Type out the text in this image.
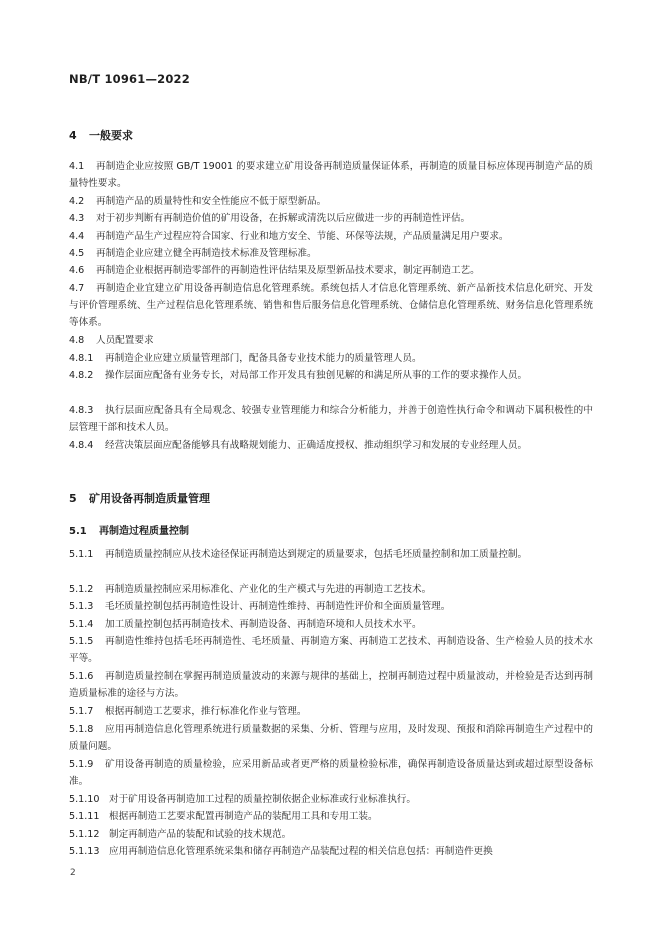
NB/T 10961—2022
4 一般要求
4.1 再制造企业应按照 GB/T 19001 的要求建立矿用设备再制造质量保证体系，再制造的质量目标应体现再制造产品的质量特性要求。
4.2 再制造产品的质量特性和安全性能应不低于原型新品。
4.3 对于初步判断有再制造价值的矿用设备，在拆解或清洗以后应做进一步的再制造性评估。
4.4 再制造产品生产过程应符合国家、行业和地方安全、节能、环保等法规，产品质量满足用户要求。
4.5 再制造企业应建立健全再制造技术标准及管理标准。
4.6 再制造企业根据再制造零部件的再制造性评估结果及原型新品技术要求，制定再制造工艺。
4.7 再制造企业宜建立矿用设备再制造信息化管理系统。系统包括人才信息化管理系统、新产品新技术信息化研究、开发与评价管理系统、生产过程信息化管理系统、销售和售后服务信息化管理系统、仓储信息化管理系统、财务信息化管理系统等体系。
4.8 人员配置要求
4.8.1 再制造企业应建立质量管理部门，配备具备专业技术能力的质量管理人员。
4.8.2 操作层面应配备有业务专长，对局部工作开发具有独创见解的和满足所从事的工作的要求操作人员。
4.8.3 执行层面应配备具有全局观念、较强专业管理能力和综合分析能力，并善于创造性执行命令和调动下属积极性的中层管理干部和技术人员。
4.8.4 经营决策层面应配备能够具有战略规划能力、正确适度授权、推动组织学习和发展的专业经理人员。
5 矿用设备再制造质量管理
5.1 再制造过程质量控制
5.1.1 再制造质量控制应从技术途径保证再制造达到规定的质量要求，包括毛坯质量控制和加工质量控制。
5.1.2 再制造质量控制应采用标准化、产业化的生产模式与先进的再制造工艺技术。
5.1.3 毛坯质量控制包括再制造性设计、再制造性维持、再制造性评价和全面质量管理。
5.1.4 加工质量控制包括再制造技术、再制造设备、再制造环境和人员技术水平。
5.1.5 再制造性维持包括毛坯再制造性、毛坯质量、再制造方案、再制造工艺技术、再制造设备、生产检验人员的技术水平等。
5.1.6 再制造质量控制在掌握再制造质量波动的来源与规律的基础上，控制再制造过程中质量波动，并检验是否达到再制造质量标准的途径与方法。
5.1.7 根据再制造工艺要求，推行标准化作业与管理。
5.1.8 应用再制造信息化管理系统进行质量数据的采集、分析、管理与应用，及时发现、预报和消除再制造生产过程中的质量问题。
5.1.9 矿用设备再制造的质量检验，应采用新品或者更严格的质量检验标准，确保再制造设备质量达到或超过原型设备标准。
5.1.10 对于矿用设备再制造加工过程的质量控制依据企业标准或行业标准执行。
5.1.11 根据再制造工艺要求配置再制造产品的装配用工具和专用工装。
5.1.12 制定再制造产品的装配和试验的技术规范。
5.1.13 应用再制造信息化管理系统采集和储存再制造产品装配过程的相关信息包括：再制造件更换
2
